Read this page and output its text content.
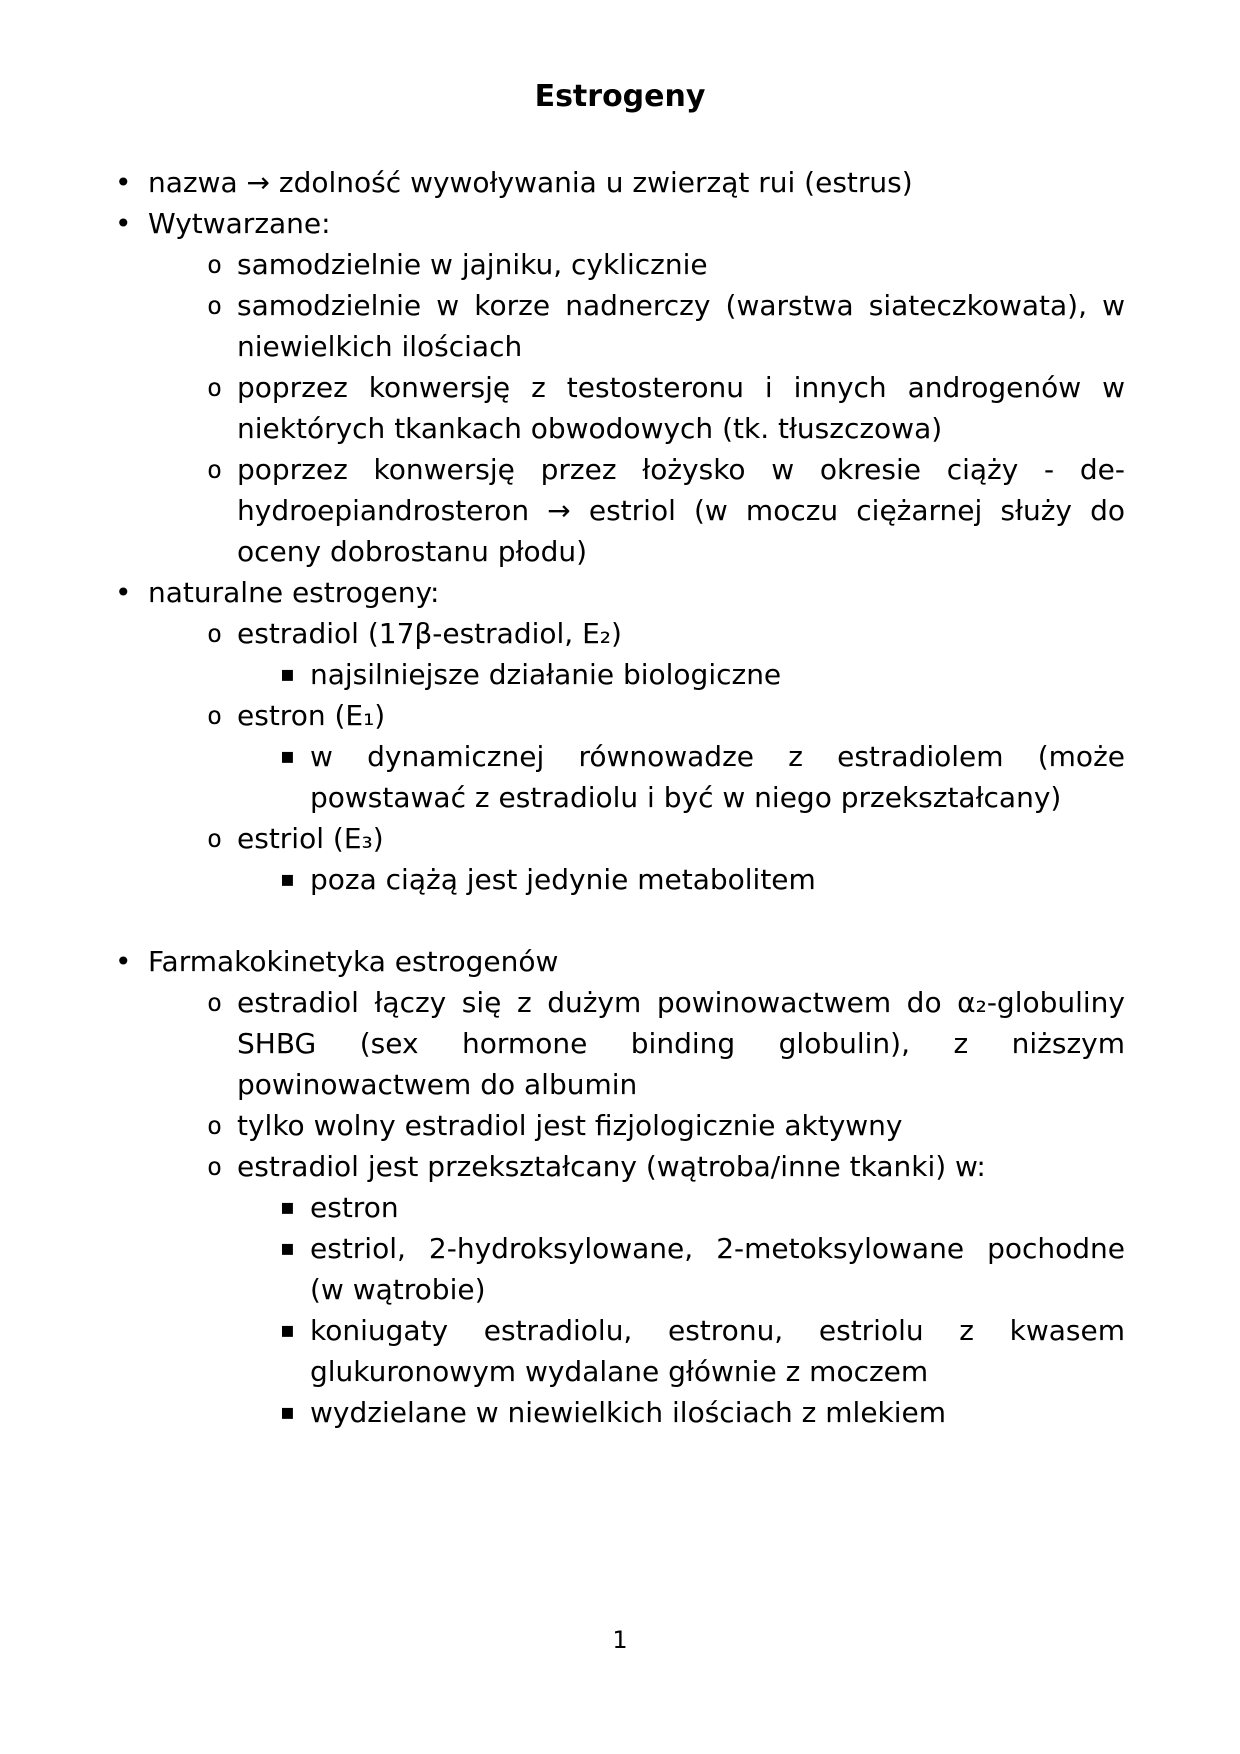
Estrogeny
• nazwa → zdolność wywoływania u zwierząt rui (estrus)
• Wytwarzane:
o samodzielnie w jajniku, cyklicznie
o samodzielnie w korze nadnerczy (warstwa siateczkowata), w niewielkich ilościach
o poprzez konwersję z testosteronu i innych androgenów w niektórych tkankach obwodowych (tk. tłuszczowa)
o poprzez konwersję przez łożysko w okresie ciąży - dehydroepiandrosteron → estriol (w moczu ciężarnej służy do oceny dobrostanu płodu)
• naturalne estrogeny:
o estradiol (17β-estradiol, E₂)
▪ najsilniejsze działanie biologiczne
o estron (E₁)
▪ w dynamicznej równowadze z estradiolem (może powstawać z estradiolu i być w niego przekształcany)
o estriol (E₃)
▪ poza ciążą jest jedynie metabolitem
• Farmakokinetyka estrogenów
o estradiol łączy się z dużym powinowactwem do α₂-globuliny SHBG (sex hormone binding globulin), z niższym powinowactwem do albumin
o tylko wolny estradiol jest fizjologicznie aktywny
o estradiol jest przekształcany (wątroba/inne tkanki) w:
▪ estron
▪ estriol, 2-hydroksylowane, 2-metoksylowane pochodne (w wątrobie)
▪ koniugaty estradiolu, estronu, estriolu z kwasem glukuronowym wydalane głównie z moczem
▪ wydzielane w niewielkich ilościach z mlekiem
1
